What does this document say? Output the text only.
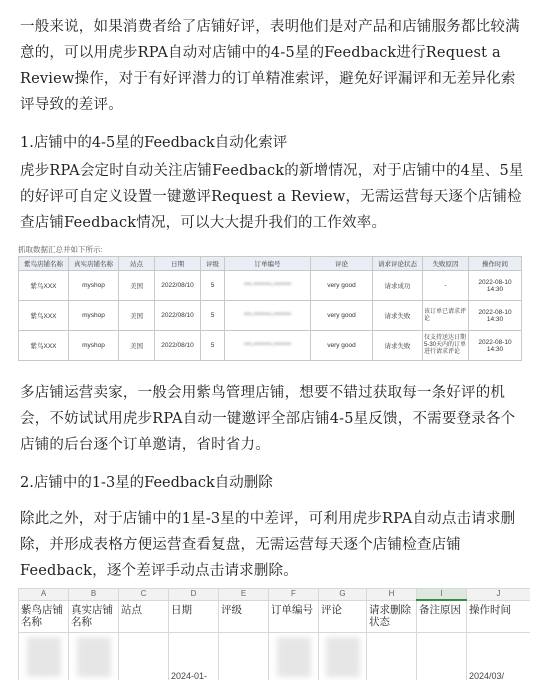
一般来说，如果消费者给了店铺好评，表明他们是对产品和店铺服务都比较满意的，可以用虎步RPA自动对店铺中的4-5星的Feedback进行Request a Review操作，对于有好评潜力的订单精准索评，避免好评漏评和无差异化索评导致的差评。

1.店铺中的4-5星的Feedback自动化索评

虎步RPA会定时自动关注店铺Feedback的新增情况，对于店铺中的4星、5星的好评可自定义设置一键邀评Request a Review，无需运营每天逐个店铺检查店铺Feedback情况，可以大大提升我们的工作效率。

抓取数据汇总并如下所示:
紫鸟店铺名称	真实店铺名称	站点	日期	评级	订单编号	评论	请求评论状态	失败原因	操作时间
紫鸟XXX	myshop	美国	2022/08/10	5	***-*******-*******	very good	请求成功	-	2022-08-10 14:30
紫鸟XXX	myshop	美国	2022/08/10	5	***-*******-*******	very good	请求失败	该订单已请求评论	2022-08-10 14:30
紫鸟XXX	myshop	美国	2022/08/10	5	***-*******-*******	very good	请求失败	仅支持送达日期5-30天内的订单进行请求评论	2022-08-10 14:30

多店铺运营卖家，一般会用紫鸟管理店铺，想要不错过获取每一条好评的机会，不妨试试用虎步RPA自动一键邀评全部店铺4-5星反馈，不需要登录各个店铺的后台逐个订单邀请，省时省力。

2.店铺中的1-3星的Feedback自动删除

除此之外，对于店铺中的1星-3星的中差评，可利用虎步RPA自动点击请求删除，并形成表格方便运营查看复盘，无需运营每天逐个店铺检查店铺Feedback，逐个差评手动点击请求删除。

A	B	C	D	E	F	G	H	I	J
紫鸟店铺名称	真实店铺名称	站点	日期	评级	订单编号	评论	请求删除状态	备注原因	操作时间

			2024-01-						2024/03/
